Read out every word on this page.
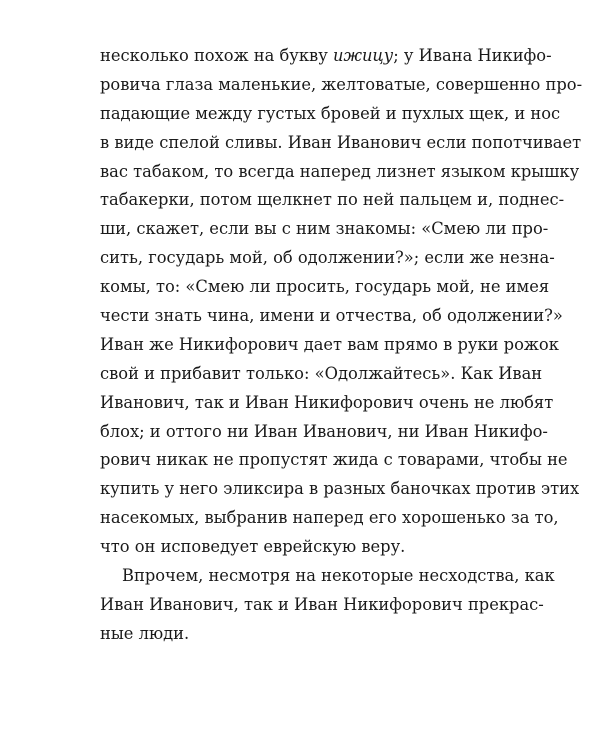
несколько похож на букву ижицу; у Ивана Никифо-
ровича глаза маленькие, желтоватые, совершенно про-
падающие между густых бровей и пухлых щек, и нос
в виде спелой сливы. Иван Иванович если попотчивает
вас табаком, то всегда наперед лизнет языком крышку
табакерки, потом щелкнет по ней пальцем и, поднес-
ши, скажет, если вы с ним знакомы: «Смею ли про-
сить, государь мой, об одолжении?»; если же незна-
комы, то: «Смею ли просить, государь мой, не имея
чести знать чина, имени и отчества, об одолжении?»
Иван же Никифорович дает вам прямо в руки рожок
свой и прибавит только: «Одолжайтесь». Как Иван
Иванович, так и Иван Никифорович очень не любят
блох; и оттого ни Иван Иванович, ни Иван Никифо-
рович никак не пропустят жида с товарами, чтобы не
купить у него эликсира в разных баночках против этих
насекомых, выбранив наперед его хорошенько за то,
что он исповедует еврейскую веру.
Впрочем, несмотря на некоторые несходства, как
Иван Иванович, так и Иван Никифорович прекрас-
ные люди.
